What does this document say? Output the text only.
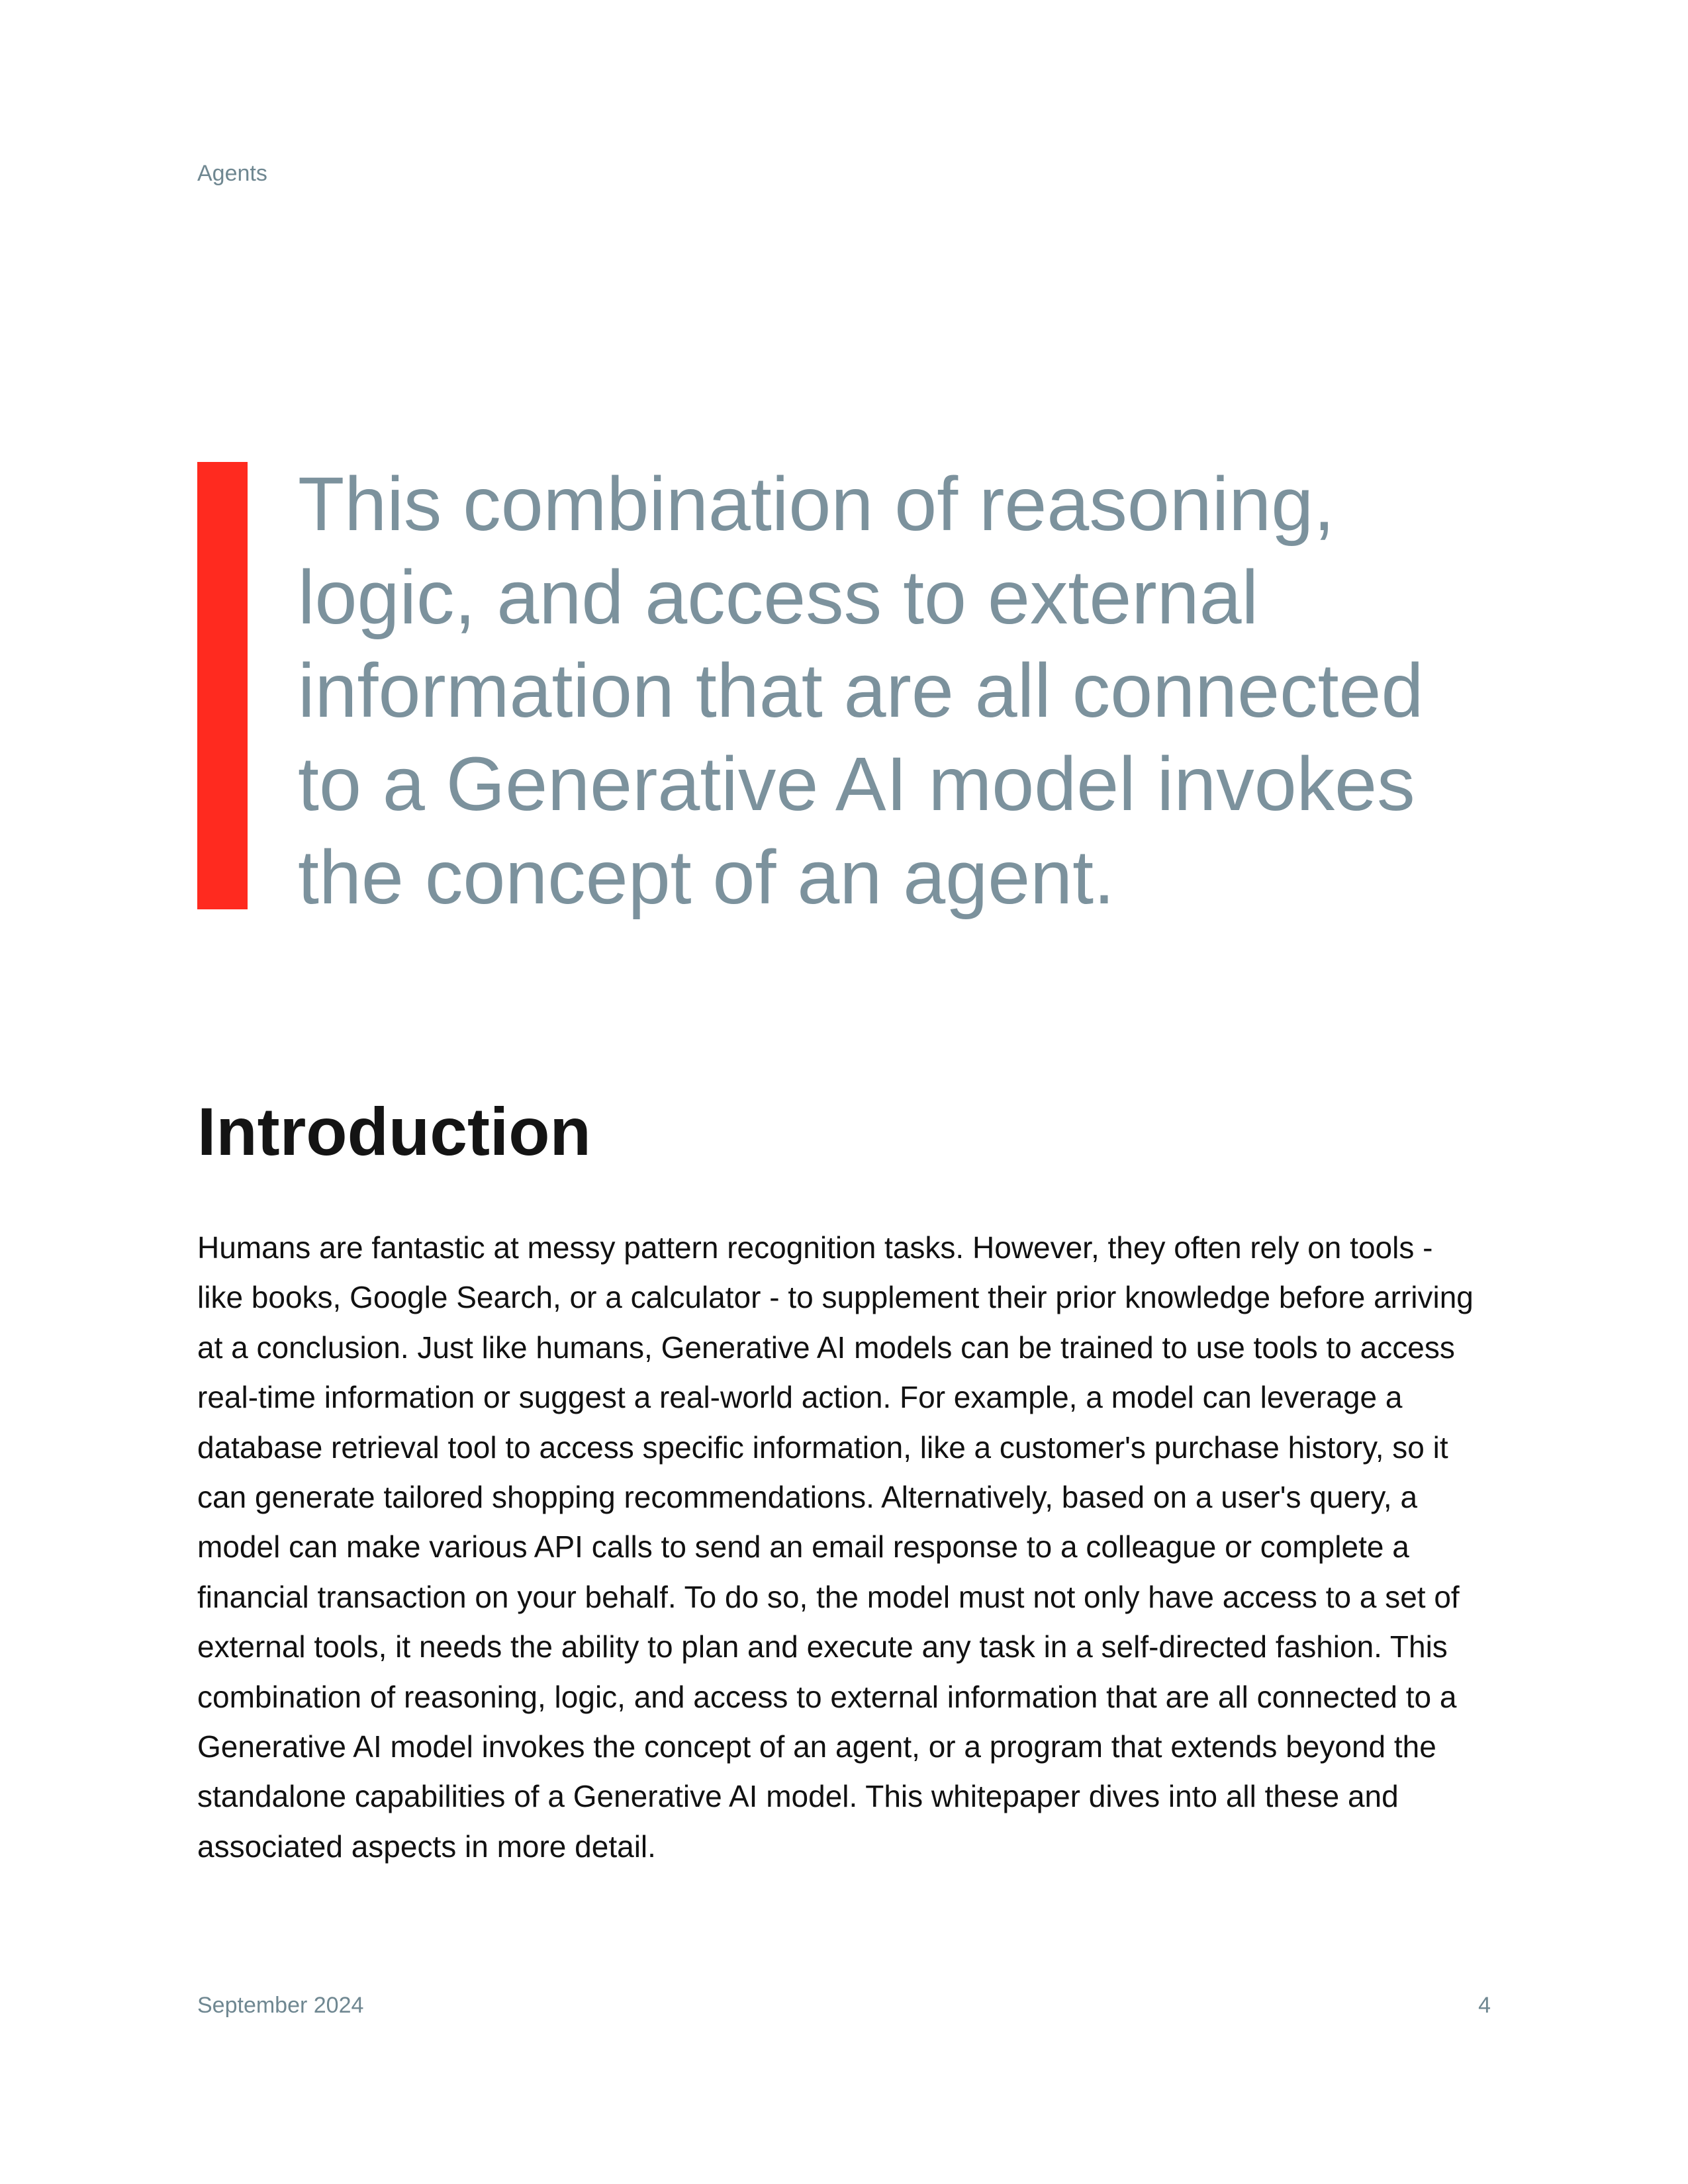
Agents

This combination of reasoning, logic, and access to external information that are all connected to a Generative AI model invokes the concept of an agent.

Introduction

Humans are fantastic at messy pattern recognition tasks. However, they often rely on tools - like books, Google Search, or a calculator - to supplement their prior knowledge before arriving at a conclusion. Just like humans, Generative AI models can be trained to use tools to access real-time information or suggest a real-world action. For example, a model can leverage a database retrieval tool to access specific information, like a customer's purchase history, so it can generate tailored shopping recommendations. Alternatively, based on a user's query, a model can make various API calls to send an email response to a colleague or complete a financial transaction on your behalf. To do so, the model must not only have access to a set of external tools, it needs the ability to plan and execute any task in a self-directed fashion. This combination of reasoning, logic, and access to external information that are all connected to a Generative AI model invokes the concept of an agent, or a program that extends beyond the standalone capabilities of a Generative AI model. This whitepaper dives into all these and associated aspects in more detail.

September 2024	4
